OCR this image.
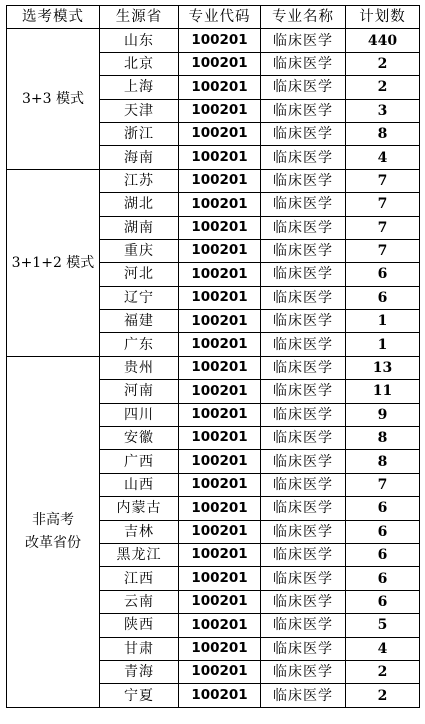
选考模式	生源省	专业代码	专业名称	计划数

3+3 模式	山东	100201	临床医学	440
	北京	100201	临床医学	2
	上海	100201	临床医学	2
	天津	100201	临床医学	3
	浙江	100201	临床医学	8
	海南	100201	临床医学	4

3+1+2 模式	江苏	100201	临床医学	7
	湖北	100201	临床医学	7
	湖南	100201	临床医学	7
	重庆	100201	临床医学	7
	河北	100201	临床医学	6
	辽宁	100201	临床医学	6
	福建	100201	临床医学	1
	广东	100201	临床医学	1

非高考
改革省份	贵州	100201	临床医学	13
	河南	100201	临床医学	11
	四川	100201	临床医学	9
	安徽	100201	临床医学	8
	广西	100201	临床医学	8
	山西	100201	临床医学	7
	内蒙古	100201	临床医学	6
	吉林	100201	临床医学	6
	黑龙江	100201	临床医学	6
	江西	100201	临床医学	6
	云南	100201	临床医学	6
	陕西	100201	临床医学	5
	甘肃	100201	临床医学	4
	青海	100201	临床医学	2
	宁夏	100201	临床医学	2
